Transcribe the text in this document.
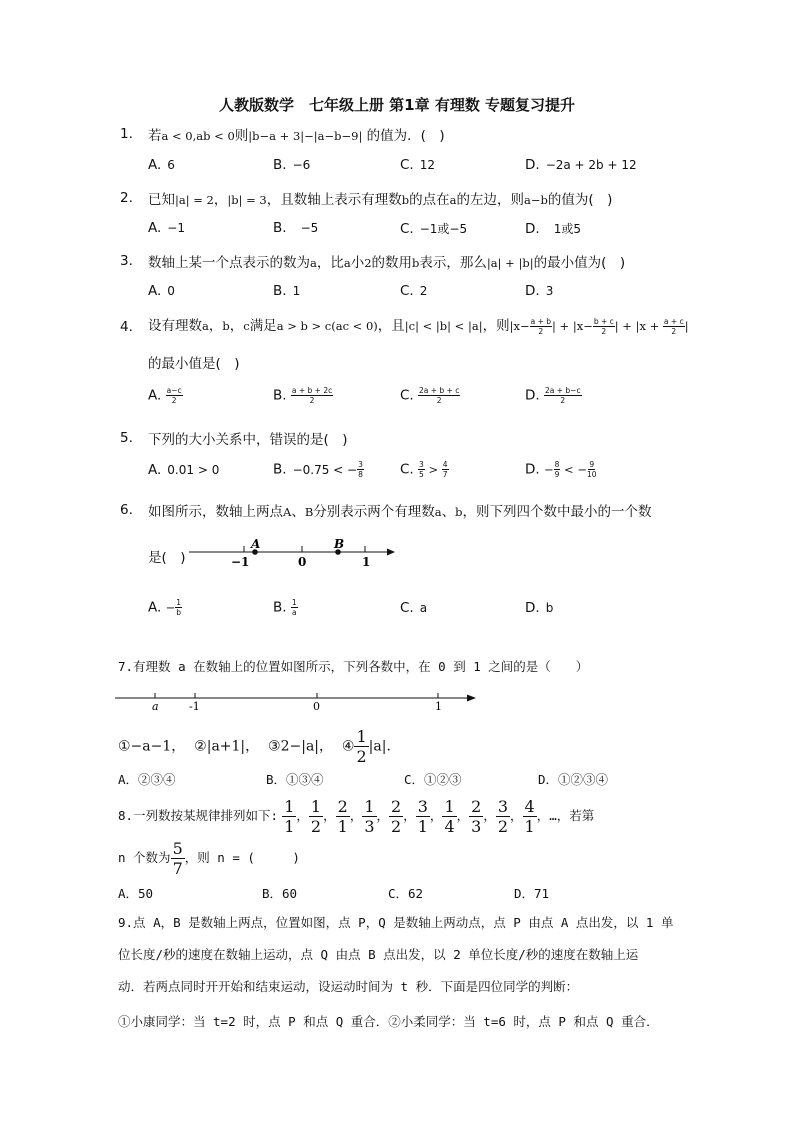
人教版数学　七年级上册 第1章 有理数 专题复习提升
1. 若a < 0,ab < 0则|b−a + 3|−|a−b−9| 的值为．(　)
A. 6	B. −6	C. 12	D. −2a + 2b + 12
2. 已知|a| = 2，|b| = 3，且数轴上表示有理数b的点在a的左边，则a−b的值为(　)
A. −1	B. −5	C. −1或−5	D. 1或5
3. 数轴上某一个点表示的数为a，比a小2的数用b表示，那么|a| + |b|的最小值为(　)
A. 0	B. 1	C. 2	D. 3
4. 设有理数a，b，c满足a > b > c(ac < 0)，且|c| < |b| < |a|，则$|x- \frac{a + b}{2}$ | + $|x- \frac{b + c}{2}$ | + $|x + \frac{a + c}{2}$ |
的最小值是(　)
A. $\frac{a-c}{2}$	B. $\frac{a + b + 2c}{2}$	C. $\frac{2a + b + c}{2}$	D. $\frac{2a + b-c}{2}$
5. 下列的大小关系中，错误的是(　)
A. 0.01 > 0	B. −0.75 < − $\frac{3}{8}$	C. $\frac{3}{5} > \frac{4}{7}$	D. − $\frac{8}{9}$ < − $\frac{9}{10}$
6. 如图所示，数轴上两点A、B分别表示两个有理数a、b，则下列四个数中最小的一个数
是(　)
A	B
−1	0	1
A. − $\frac{1}{b}$	B. $\frac{1}{a}$	C. a	D. b
7.有理数 a 在数轴上的位置如图所示，下列各数中，在 0 到 1 之间的是（　　）
a	-1	0	1
①−a−1， ②|a+1|， ③2−|a|， ④ $\frac{1}{2} |a|$．
A．②③④	B．①③④	C．①②③	D．①②③④
8.一列数按某规律排列如下: $\frac{1}{1}$ ， $\frac{1}{2}$ ， $\frac{2}{1}$ ， $\frac{1}{3}$ ， $\frac{2}{2}$ ， $\frac{3}{1}$ ， $\frac{1}{4}$ ， $\frac{2}{3}$ ， $\frac{3}{2}$ ， $\frac{4}{1}$ ，…，若第
n 个数为 $\frac{5}{7}$ ，则 n = (　　　)
A．50	B．60	C．62	D．71
9.点 A，B 是数轴上两点，位置如图，点 P，Q 是数轴上两动点，点 P 由点 A 点出发，以 1 单
位长度/秒的速度在数轴上运动，点 Q 由点 B 点出发，以 2 单位长度/秒的速度在数轴上运
动．若两点同时开开始和结束运动，设运动时间为 t 秒．下面是四位同学的判断：
①小康同学：当 t=2 时，点 P 和点 Q 重合．②小柔同学：当 t=6 时，点 P 和点 Q 重合．
